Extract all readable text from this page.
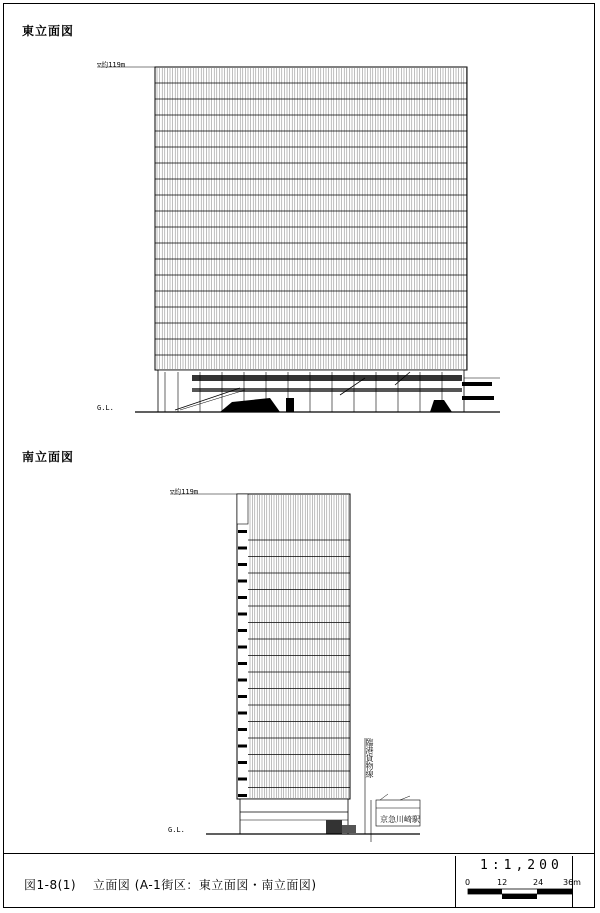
東立面図
▽約119m
G.L.
南立面図
▽約119m
G.L.
臨港貨物線
京急川崎駅
図1-8(1)　 立面図 (A-1街区：東立面図・南立面図)
1:1,200
0	12	24 36m
